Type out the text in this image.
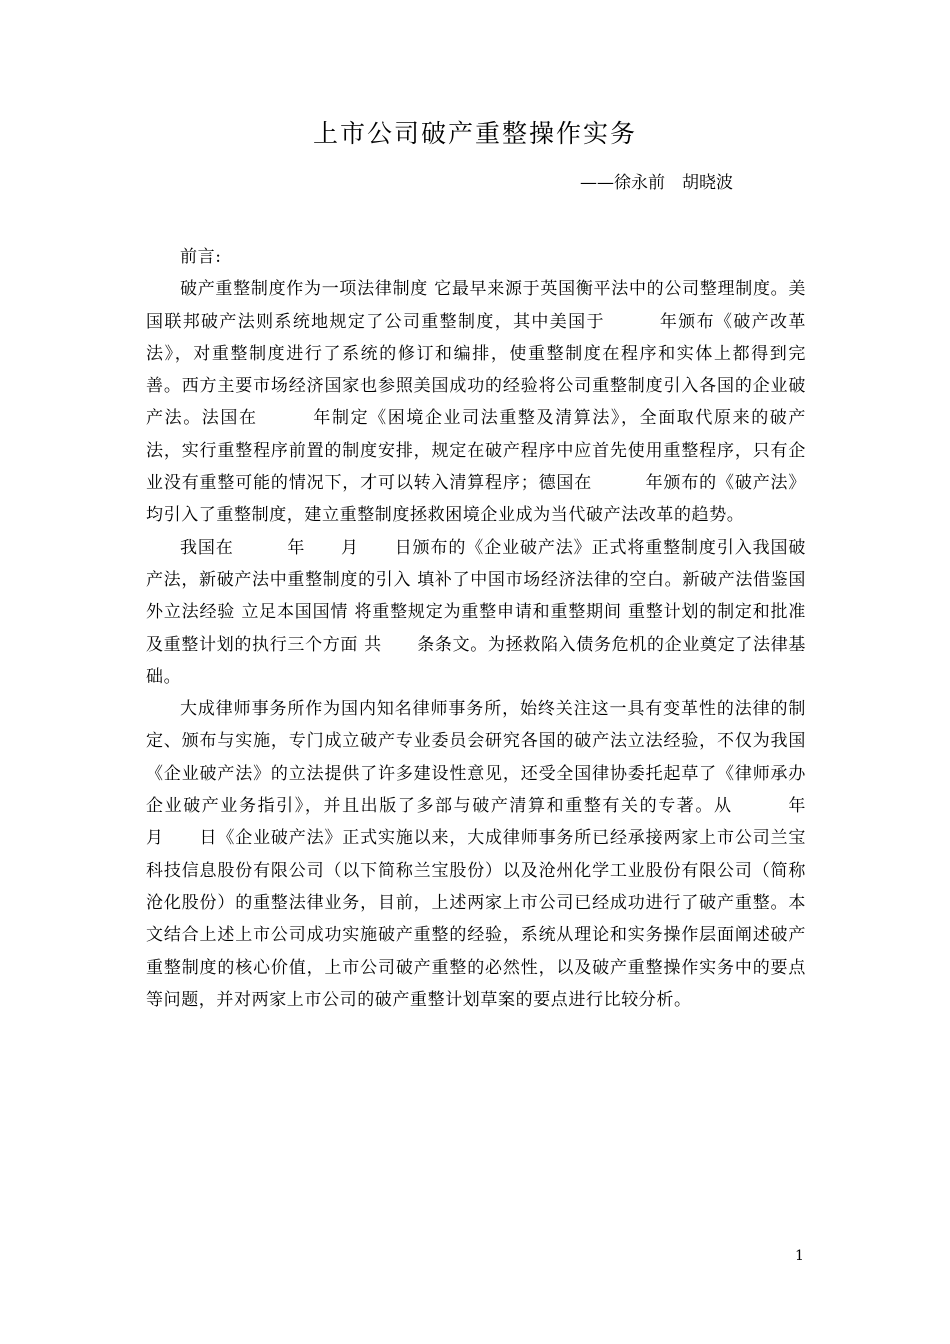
上市公司破产重整操作实务
——徐永前　胡晓波

前言:

破产重整制度作为一项法律制度 它最早来源于英国衡平法中的公司整理制度。美国联邦破产法则系统地规定了公司重整制度，其中美国于　　　年颁布《破产改革法》，对重整制度进行了系统的修订和编排，使重整制度在程序和实体上都得到完善。西方主要市场经济国家也参照美国成功的经验将公司重整制度引入各国的企业破产法。法国在　　　年制定《困境企业司法重整及清算法》，全面取代原来的破产法，实行重整程序前置的制度安排，规定在破产程序中应首先使用重整程序，只有企业没有重整可能的情况下，才可以转入清算程序；德国在　　　年颁布的《破产法》均引入了重整制度，建立重整制度拯救困境企业成为当代破产法改革的趋势。

我国在　　　年　　月　　日颁布的《企业破产法》正式将重整制度引入我国破产法，新破产法中重整制度的引入 填补了中国市场经济法律的空白。新破产法借鉴国外立法经验 立足本国国情 将重整规定为重整申请和重整期间 重整计划的制定和批准及重整计划的执行三个方面 共　　条条文。为拯救陷入债务危机的企业奠定了法律基础。

大成律师事务所作为国内知名律师事务所，始终关注这一具有变革性的法律的制定、颁布与实施，专门成立破产专业委员会研究各国的破产法立法经验，不仅为我国《企业破产法》的立法提供了许多建设性意见，还受全国律协委托起草了《律师承办企业破产业务指引》，并且出版了多部与破产清算和重整有关的专著。从　　　年　　月　　日《企业破产法》正式实施以来，大成律师事务所已经承接两家上市公司兰宝科技信息股份有限公司（以下简称兰宝股份）以及沧州化学工业股份有限公司（简称沧化股份）的重整法律业务，目前，上述两家上市公司已经成功进行了破产重整。本文结合上述上市公司成功实施破产重整的经验，系统从理论和实务操作层面阐述破产重整制度的核心价值，上市公司破产重整的必然性，以及破产重整操作实务中的要点等问题，并对两家上市公司的破产重整计划草案的要点进行比较分析。

1
